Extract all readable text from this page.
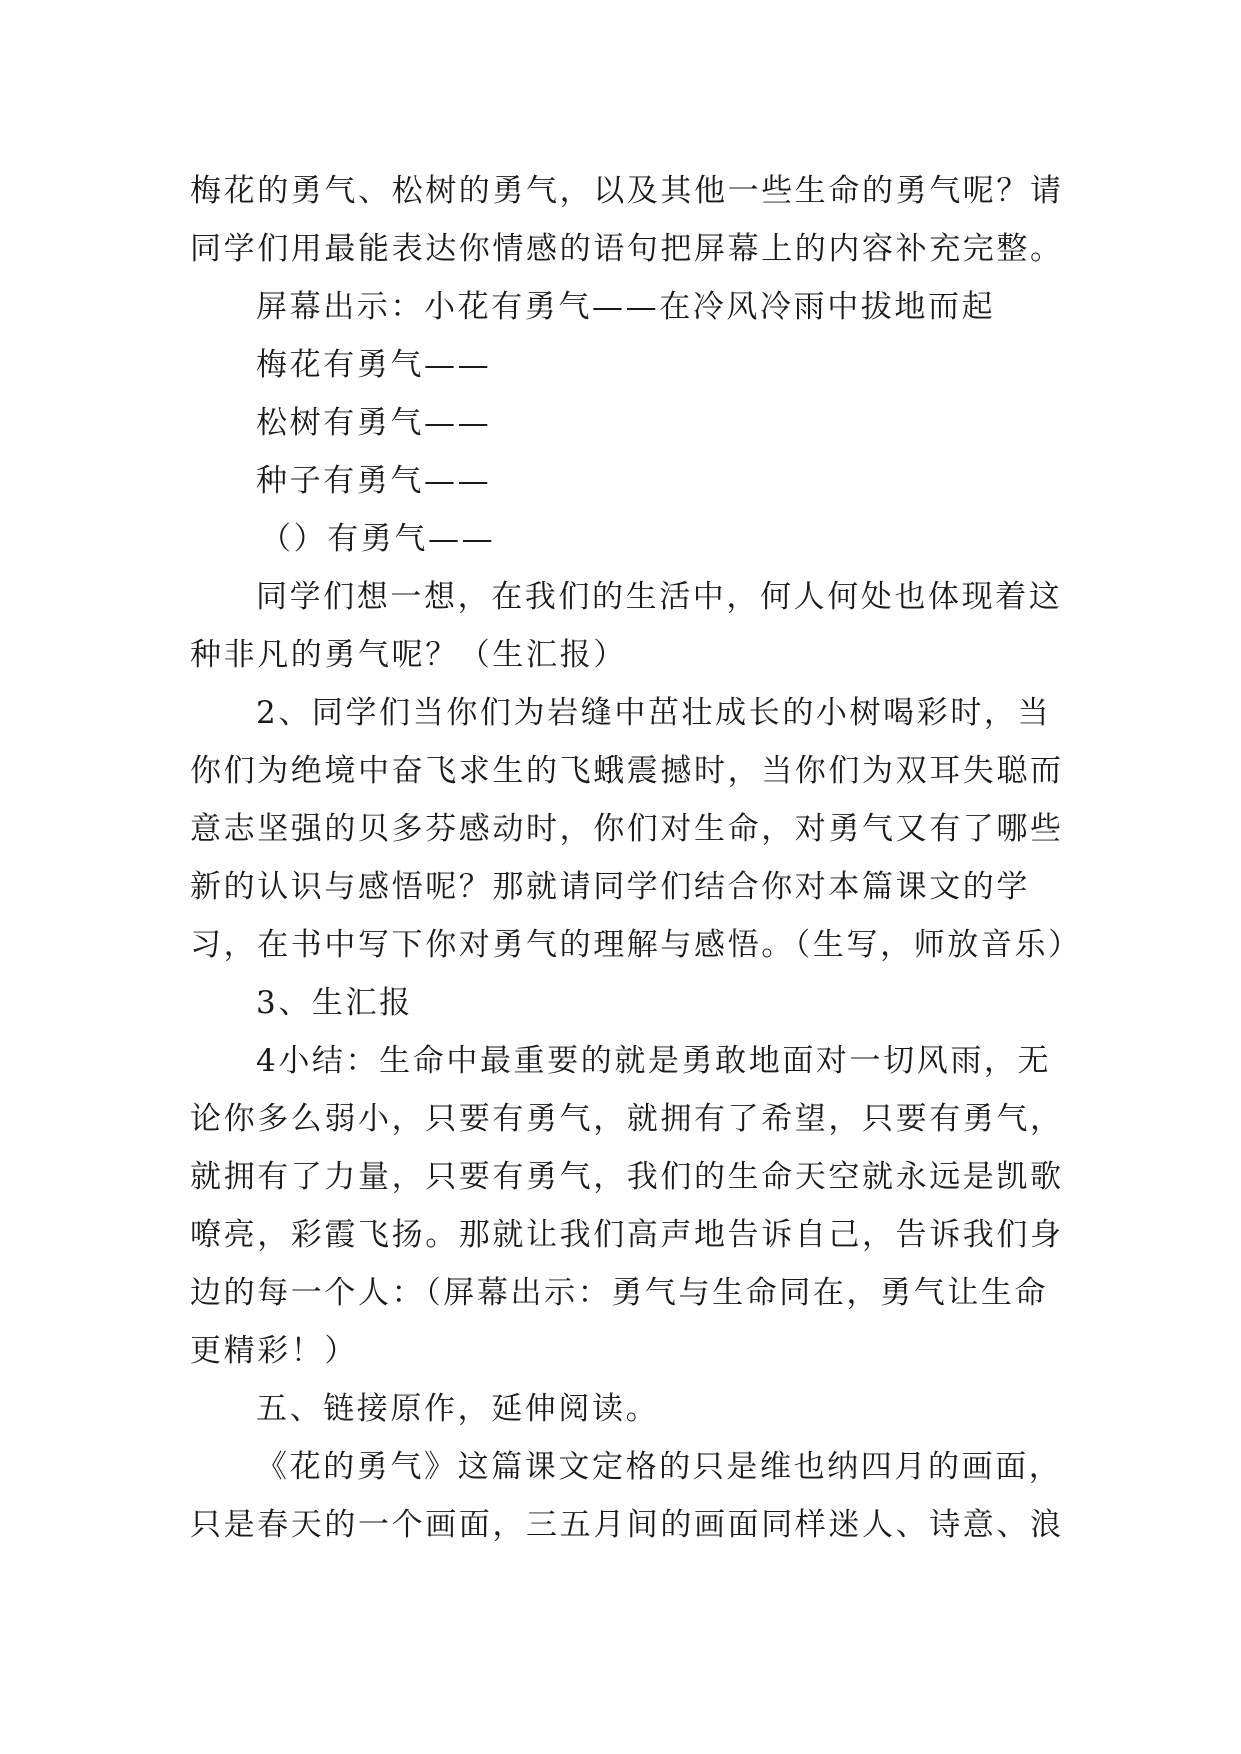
梅花的勇气、松树的勇气，以及其他一些生命的勇气呢？请
同学们用最能表达你情感的语句把屏幕上的内容补充完整。
屏幕出示：小花有勇气——在冷风冷雨中拔地而起
梅花有勇气——
松树有勇气——
种子有勇气——
（）有勇气——
同学们想一想，在我们的生活中，何人何处也体现着这
种非凡的勇气呢？（生汇报）
2、同学们当你们为岩缝中茁壮成长的小树喝彩时，当
你们为绝境中奋飞求生的飞蛾震撼时，当你们为双耳失聪而
意志坚强的贝多芬感动时，你们对生命，对勇气又有了哪些
新的认识与感悟呢？那就请同学们结合你对本篇课文的学
习，在书中写下你对勇气的理解与感悟。（生写，师放音乐）
3、生汇报
4小结：生命中最重要的就是勇敢地面对一切风雨，无
论你多么弱小，只要有勇气，就拥有了希望，只要有勇气，
就拥有了力量，只要有勇气，我们的生命天空就永远是凯歌
嘹亮，彩霞飞扬。那就让我们高声地告诉自己，告诉我们身
边的每一个人：（屏幕出示：勇气与生命同在，勇气让生命
更精彩！）
五、链接原作，延伸阅读。
《花的勇气》这篇课文定格的只是维也纳四月的画面，
只是春天的一个画面，三五月间的画面同样迷人、诗意、浪
